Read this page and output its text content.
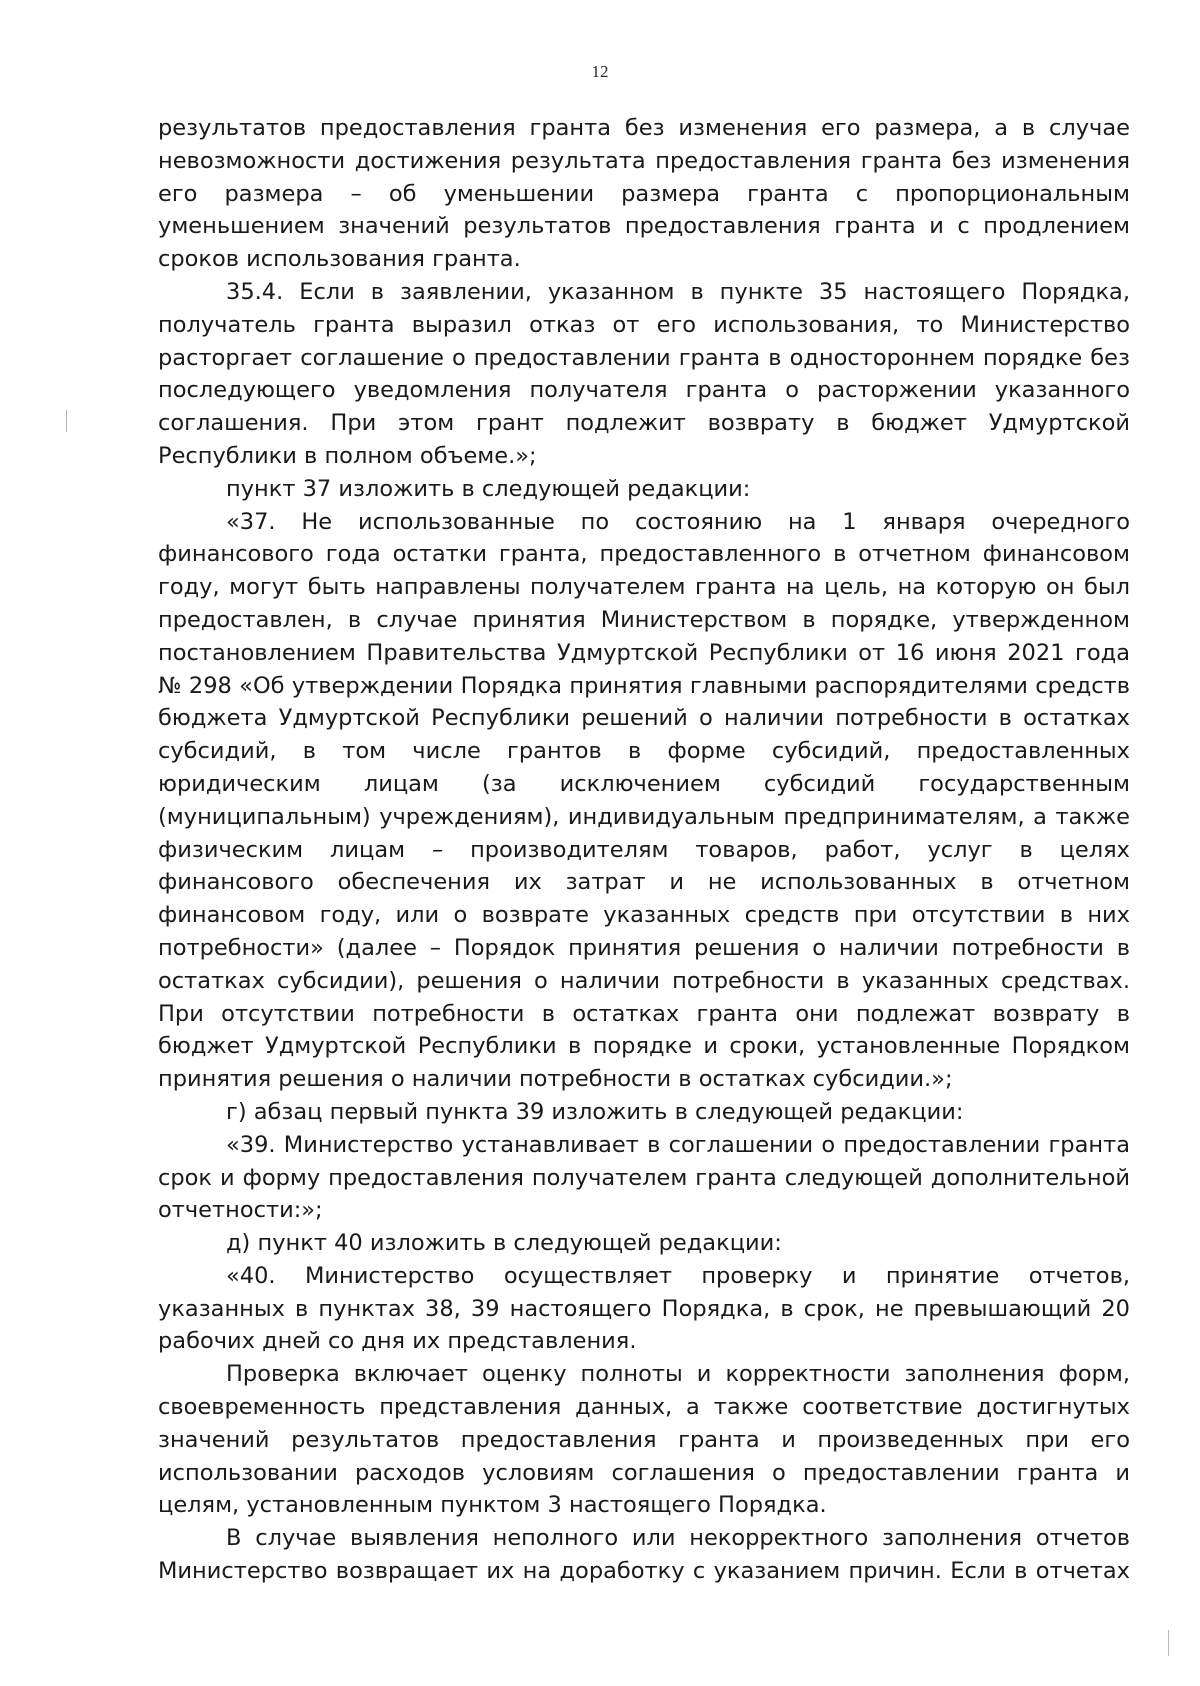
12

результатов предоставления гранта без изменения его размера, а в случае невозможности достижения результата предоставления гранта без изменения его размера – об уменьшении размера гранта с пропорциональным уменьшением значений результатов предоставления гранта и с продлением сроков использования гранта.

35.4. Если в заявлении, указанном в пункте 35 настоящего Порядка, получатель гранта выразил отказ от его использования, то Министерство расторгает соглашение о предоставлении гранта в одностороннем порядке без последующего уведомления получателя гранта о расторжении указанного соглашения. При этом грант подлежит возврату в бюджет Удмуртской Республики в полном объеме.»;

пункт 37 изложить в следующей редакции:

«37. Не использованные по состоянию на 1 января очередного финансового года остатки гранта, предоставленного в отчетном финансовом году, могут быть направлены получателем гранта на цель, на которую он был предоставлен, в случае принятия Министерством в порядке, утвержденном постановлением Правительства Удмуртской Республики от 16 июня 2021 года № 298 «Об утверждении Порядка принятия главными распорядителями средств бюджета Удмуртской Республики решений о наличии потребности в остатках субсидий, в том числе грантов в форме субсидий, предоставленных юридическим лицам (за исключением субсидий государственным (муниципальным) учреждениям), индивидуальным предпринимателям, а также физическим лицам – производителям товаров, работ, услуг в целях финансового обеспечения их затрат и не использованных в отчетном финансовом году, или о возврате указанных средств при отсутствии в них потребности» (далее – Порядок принятия решения о наличии потребности в остатках субсидии), решения о наличии потребности в указанных средствах. При отсутствии потребности в остатках гранта они подлежат возврату в бюджет Удмуртской Республики в порядке и сроки, установленные Порядком принятия решения о наличии потребности в остатках субсидии.»;

г) абзац первый пункта 39 изложить в следующей редакции:

«39. Министерство устанавливает в соглашении о предоставлении гранта срок и форму предоставления получателем гранта следующей дополнительной отчетности:»;

д) пункт 40 изложить в следующей редакции:

«40. Министерство осуществляет проверку и принятие отчетов, указанных в пунктах 38, 39 настоящего Порядка, в срок, не превышающий 20 рабочих дней со дня их представления.

Проверка включает оценку полноты и корректности заполнения форм, своевременность представления данных, а также соответствие достигнутых значений результатов предоставления гранта и произведенных при его использовании расходов условиям соглашения о предоставлении гранта и целям, установленным пунктом 3 настоящего Порядка.

В случае выявления неполного или некорректного заполнения отчетов Министерство возвращает их на доработку с указанием причин. Если в отчетах
